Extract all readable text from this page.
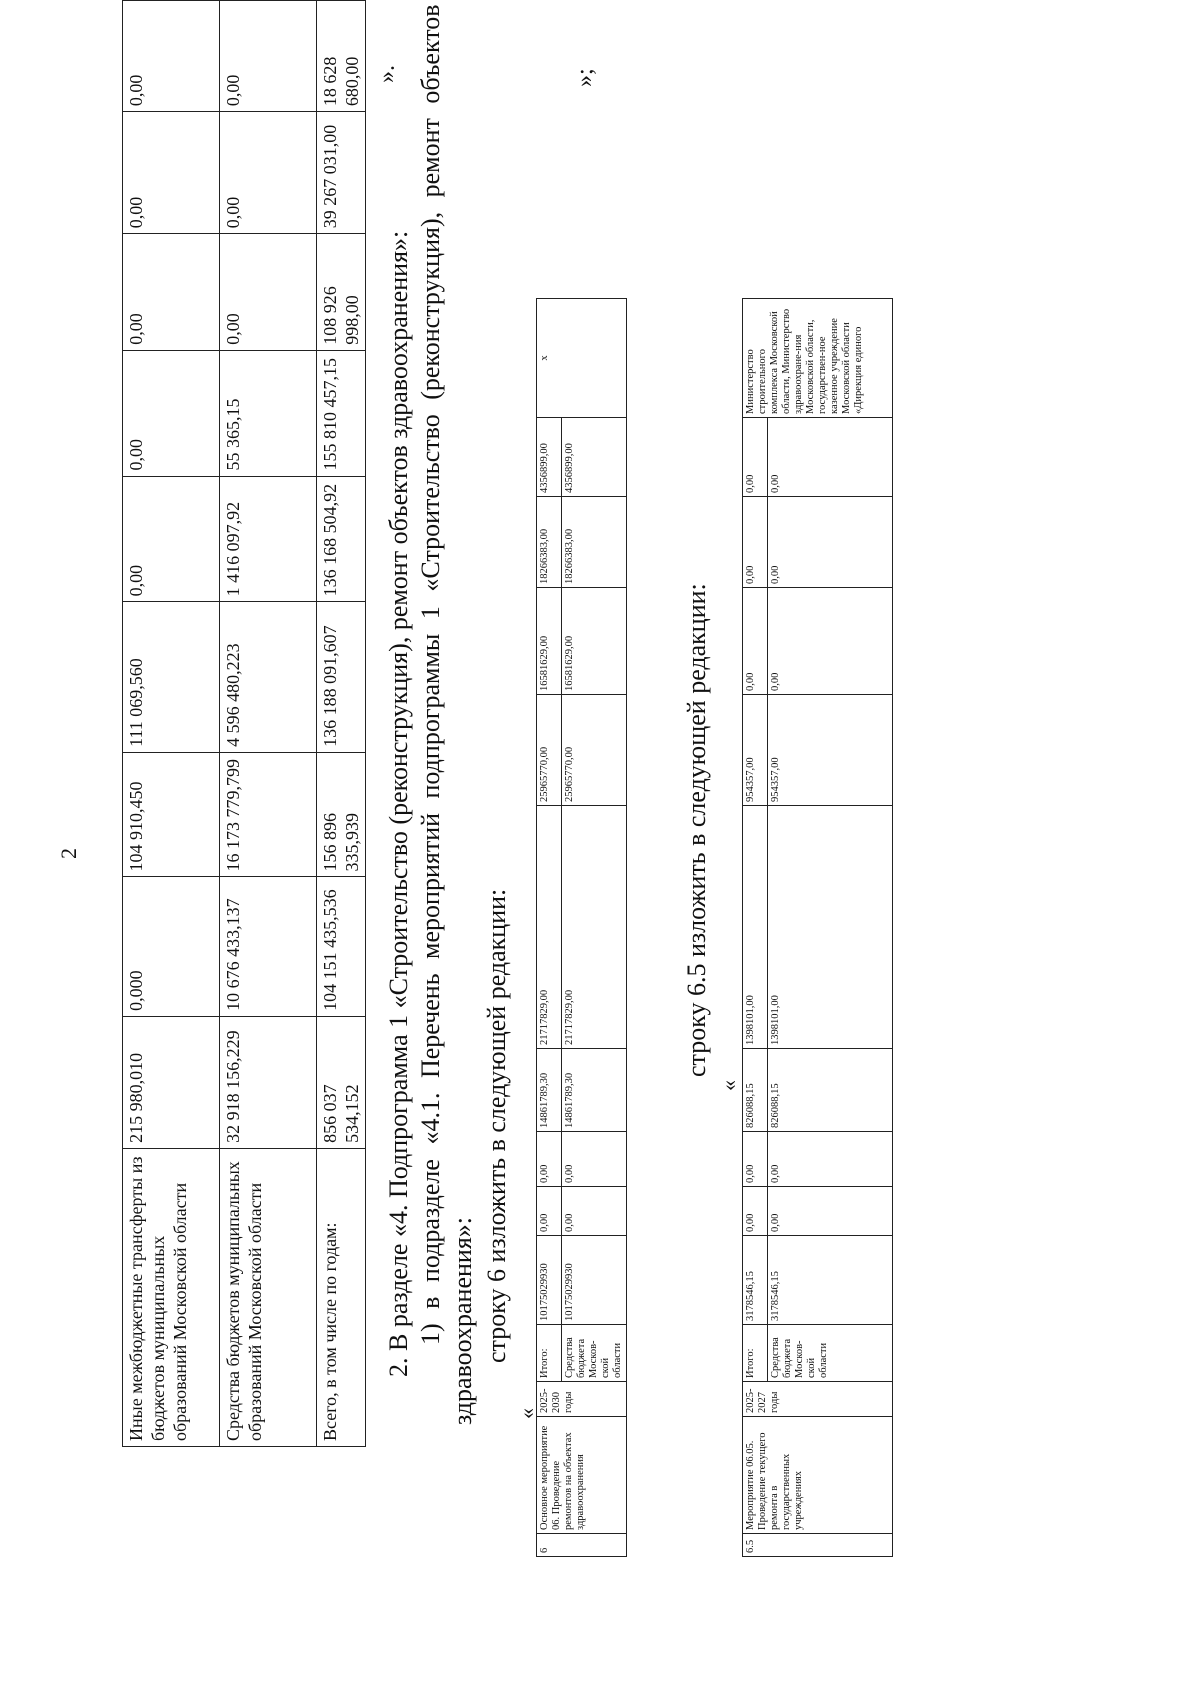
2
Иные межбюджетные трансферты из бюджетов муниципальных образований Московской области	215 980,010	0,000	104 910,450	111 069,560	0,00	0,00	0,00	0,00	0,00
Средства бюджетов муниципальных образований Московской области	32 918 156,229	10 676 433,137	16 173 779,799	4 596 480,223	1 416 097,92	55 365,15	0,00	0,00	0,00
Всего, в том числе по годам:	856 037 534,152	104 151 435,536	156 896 335,939	136 188 091,607	136 168 504,92	155 810 457,15	108 926 998,00	39 267 031,00	18 628 680,00 ».
2. В разделе «4. Подпрограмма 1 «Строительство (реконструкция), ремонт объектов здравоохранения»: 1) в подразделе «4.1. Перечень мероприятий подпрограммы 1 «Строительство (реконструкция), ремонт объектов здравоохранения»: строку 6 изложить в следующей редакции:
«
6	Основное мероприятие 06. Проведение ремонтов на объектах здравоохранения	2025-2030 годы	Итого:	10175029930	0,00	0,00	14861789,30	21717829,00	25965770,00	16581629,00	18266383,00	4356899,00	x
			Средства бюджета Москов-ской области	10175029930	0,00	0,00	14861789,30	21717829,00	25965770,00	16581629,00	18266383,00	4356899,00	
»;
строку 6.5 изложить в следующей редакции:
«
6.5	Мероприятие 06.05. Проведение текущего ремонта в государственных учреждениях	2025-2027 годы	Итого:	3178546,15	0,00	0,00	826088,15	1398101,00	954357,00	0,00	0,00	0,00	Министерство строительного комплекса Московской области, Министерство здравоохране-ния Московской области, государствен-ное казенное учреждение Московской области «Дирекция единого
			Средства бюджета Москов-ской области	3178546,15	0,00	0,00	826088,15	1398101,00	954357,00	0,00	0,00	0,00	
